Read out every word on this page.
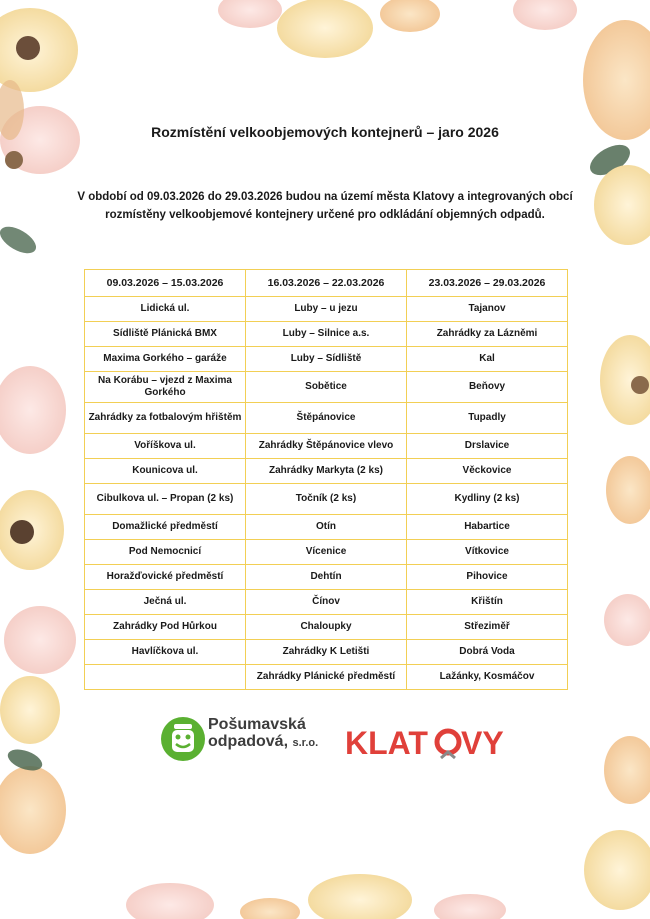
Rozmístění velkoobjemových kontejnerů – jaro 2026
V období od 09.03.2026 do 29.03.2026 budou na území města Klatovy a integrovaných obcí rozmístěny velkoobjemové kontejnery určené pro odkládání objemných odpadů.
09.03.2026 – 15.03.2026	16.03.2026 – 22.03.2026	23.03.2026 – 29.03.2026
Lidická ul.	Luby – u jezu	Tajanov
Sídliště Plánická BMX	Luby – Silnice a.s.	Zahrádky za Lázněmi
Maxima Gorkého – garáže	Luby – Sídliště	Kal
Na Korábu – vjezd z Maxima Gorkého	Sobětice	Beňovy
Zahrádky za fotbalovým hřištěm	Štěpánovice	Tupadly
Voříškova ul.	Zahrádky Štěpánovice vlevo	Drslavice
Kounicova ul.	Zahrádky Markyta (2 ks)	Věckovice
Cibulkova ul. – Propan (2 ks)	Točník (2 ks)	Kydliny (2 ks)
Domažlické předměstí	Otín	Habartice
Pod Nemocnicí	Vícenice	Vítkovice
Horažďovické předměstí	Dehtín	Pihovice
Ječná ul.	Čínov	Křištín
Zahrádky Pod Hůrkou	Chaloupky	Střeziměř
Havlíčkova ul.	Zahrádky K Letišti	Dobrá Voda
	Zahrádky Plánické předměstí	Lažánky, Kosmáčov
Pošumavská
odpadová, s.r.o. KLAT VY
